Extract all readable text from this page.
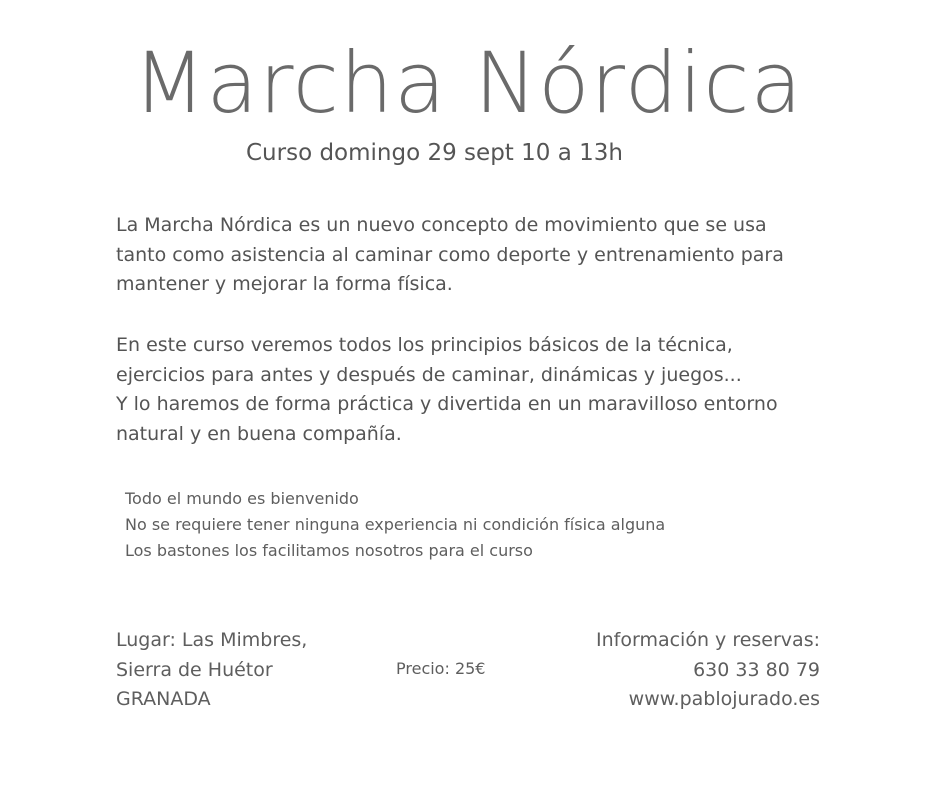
Marcha Nórdica
Curso domingo 29 sept 10 a 13h
La Marcha Nórdica es un nuevo concepto de movimiento que se usa
tanto como asistencia al caminar como deporte y entrenamiento para
mantener y mejorar la forma física.
En este curso veremos todos los principios básicos de la técnica,
ejercicios para antes y después de caminar, dinámicas y juegos...
Y lo haremos de forma práctica y divertida en un maravilloso entorno
natural y en buena compañía.
Todo el mundo es bienvenido
No se requiere tener ninguna experiencia ni condición física alguna
Los bastones los facilitamos nosotros para el curso
Lugar: Las Mimbres,
Sierra de Huétor
GRANADA
Precio: 25€
Información y reservas:
630 33 80 79
www.pablojurado.es
